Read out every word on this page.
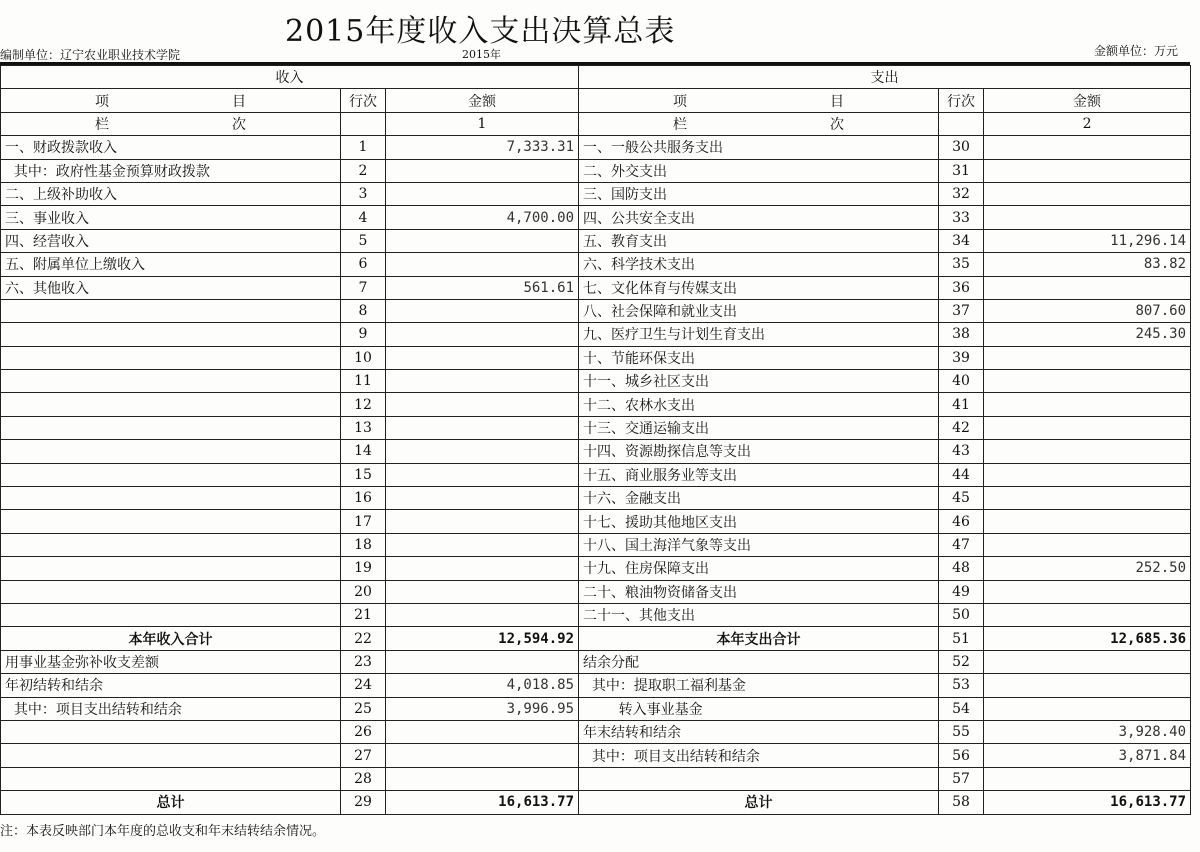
2015年度收入支出决算总表
编制单位：辽宁农业职业技术学院	2015年	金额单位：万元
收入			支出		

项 目	行次	金额	项 目	行次	金额

栏 次		1	栏 次		2
一、财政拨款收入	1	7,333.31	一、一般公共服务支出	30	
其中：政府性基金预算财政拨款	2		二、外交支出	31	
二、上级补助收入	3		三、国防支出	32	
三、事业收入	4	4,700.00	四、公共安全支出	33	
四、经营收入	5		五、教育支出	34	11,296.14
五、附属单位上缴收入	6		六、科学技术支出	35	83.82
六、其他收入	7	561.61	七、文化体育与传媒支出	36	
	8		八、社会保障和就业支出	37	807.60
	9		九、医疗卫生与计划生育支出	38	245.30
	10		十、节能环保支出	39	
	11		十一、城乡社区支出	40	
	12		十二、农林水支出	41	
	13		十三、交通运输支出	42	
	14		十四、资源勘探信息等支出	43	
	15		十五、商业服务业等支出	44	
	16		十六、金融支出	45	
	17		十七、援助其他地区支出	46	
	18		十八、国土海洋气象等支出	47	
	19		十九、住房保障支出	48	252.50
	20		二十、粮油物资储备支出	49	
	21		二十一、其他支出	50	
本年收入合计	22	12,594.92	本年支出合计	51	12,685.36
用事业基金弥补收支差额	23		结余分配	52	
年初结转和结余	24	4,018.85	其中：提取职工福利基金	53	
其中：项目支出结转和结余	25	3,996.95	转入事业基金	54	
	26		年末结转和结余	55	3,928.40
	27		其中：项目支出结转和结余	56	3,871.84
	28			57	
总计	29	16,613.77	总计	58	16,613.77
注：本表反映部门本年度的总收支和年末结转结余情况。
